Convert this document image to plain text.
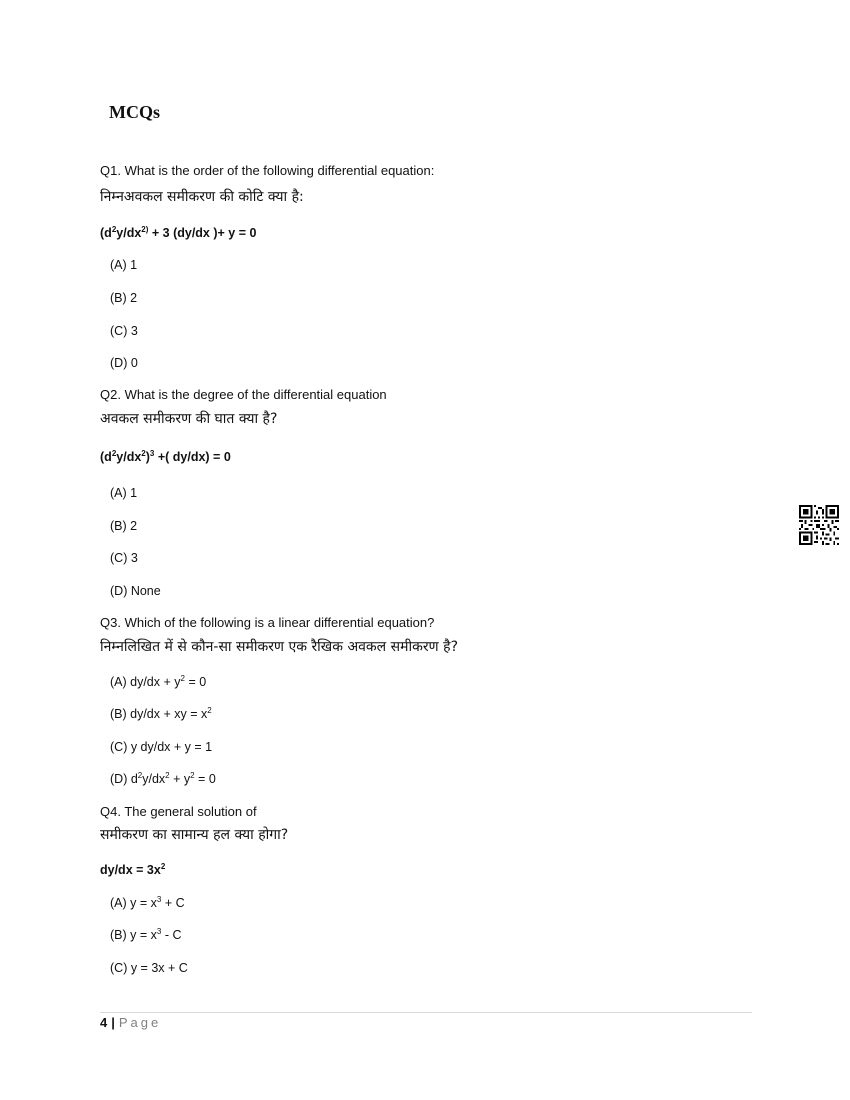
MCQs
Q1. What is the order of the following differential equation:
निम्नअवकल समीकरण की कोटि क्या है:
($d^2y/dx^{2)} + 3$ (dy/dx )+ y = 0
(A) 1
(B) 2
(C) 3
(D) 0
Q2. What is the degree of the differential equation
अवकल समीकरण की घात क्या है?
$(d^2y/dx^2)^3$ +( dy/dx) = 0
(A) 1
(B) 2
(C) 3
(D) None
Q3. Which of the following is a linear differential equation?
निम्नलिखित में से कौन-सा समीकरण एक रैखिक अवकल समीकरण है?
(A) $dy/dx + y^2 = 0$
(B) dy/dx + xy = $x^2$
(C) y dy/dx + y = 1
(D) $d^2y/dx^2 + y^2 = 0$
Q4. The general solution of
समीकरण का सामान्य हल क्या होगा?
$dy/dx = 3x^2$
(A) $y = x^3 + C$
(B) $y = x^3 - C$
(C) y = 3x + C
4 | Page
